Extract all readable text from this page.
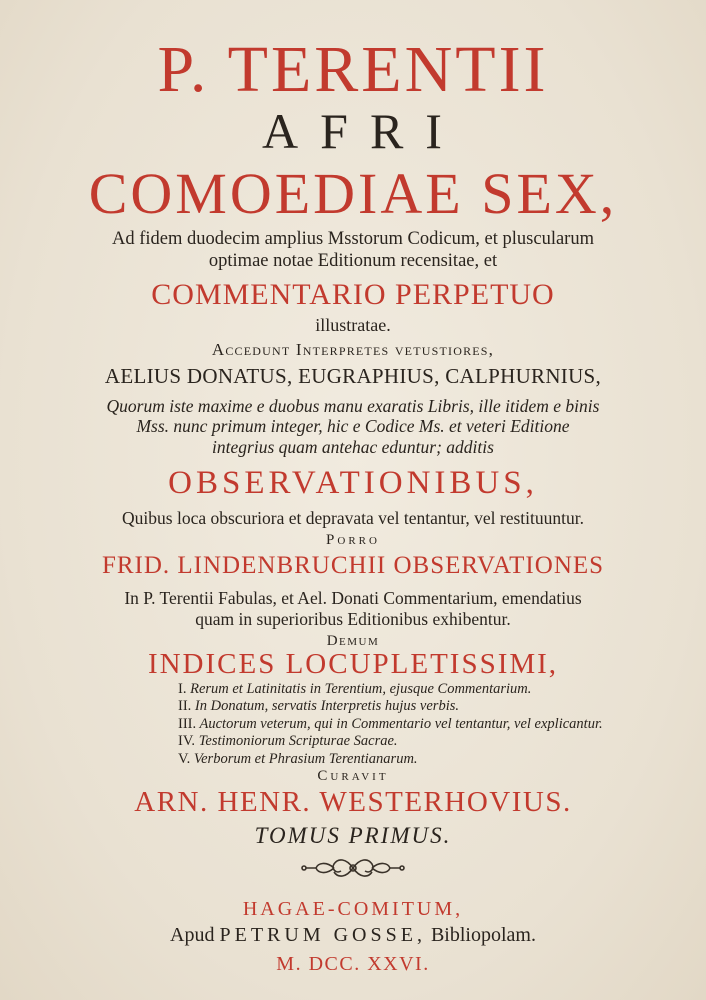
P. TERENTII
AFRI
COMOEDIAE SEX,
Ad fidem duodecim amplius Msstorum Codicum, et pluscularum
optimae notae Editionum recensitae, et
COMMENTARIO PERPETUO
illustratae.
Accedunt Interpretes vetustiores,
AELIUS DONATUS, EUGRAPHIUS, CALPHURNIUS,
Quorum iste maxime e duobus manu exaratis Libris, ille itidem e binis
Mss. nunc primum integer, hic e Codice Ms. et veteri Editione
integrius quam antehac eduntur; additis
OBSERVATIONIBUS,
Quibus loca obscuriora et depravata vel tentantur, vel restituuntur.
Porro
FRID. LINDENBRUCHII OBSERVATIONES
In P. Terentii Fabulas, et Ael. Donati Commentarium, emendatius
quam in superioribus Editionibus exhibentur.
Demum
INDICES LOCUPLETISSIMI,
I. Rerum et Latinitatis in Terentium, ejusque Commentarium.
II. In Donatum, servatis Interpretis hujus verbis.
III. Auctorum veterum, qui in Commentario vel tentantur, vel explicantur.
IV. Testimoniorum Scripturae Sacrae.
V. Verborum et Phrasium Terentianarum.
Curavit
ARN. HENR. WESTERHOVIUS.
TOMUS PRIMUS.
HAGAE-COMITUM,
Apud PETRUM GOSSE, Bibliopolam.
M. DCC. XXVI.
